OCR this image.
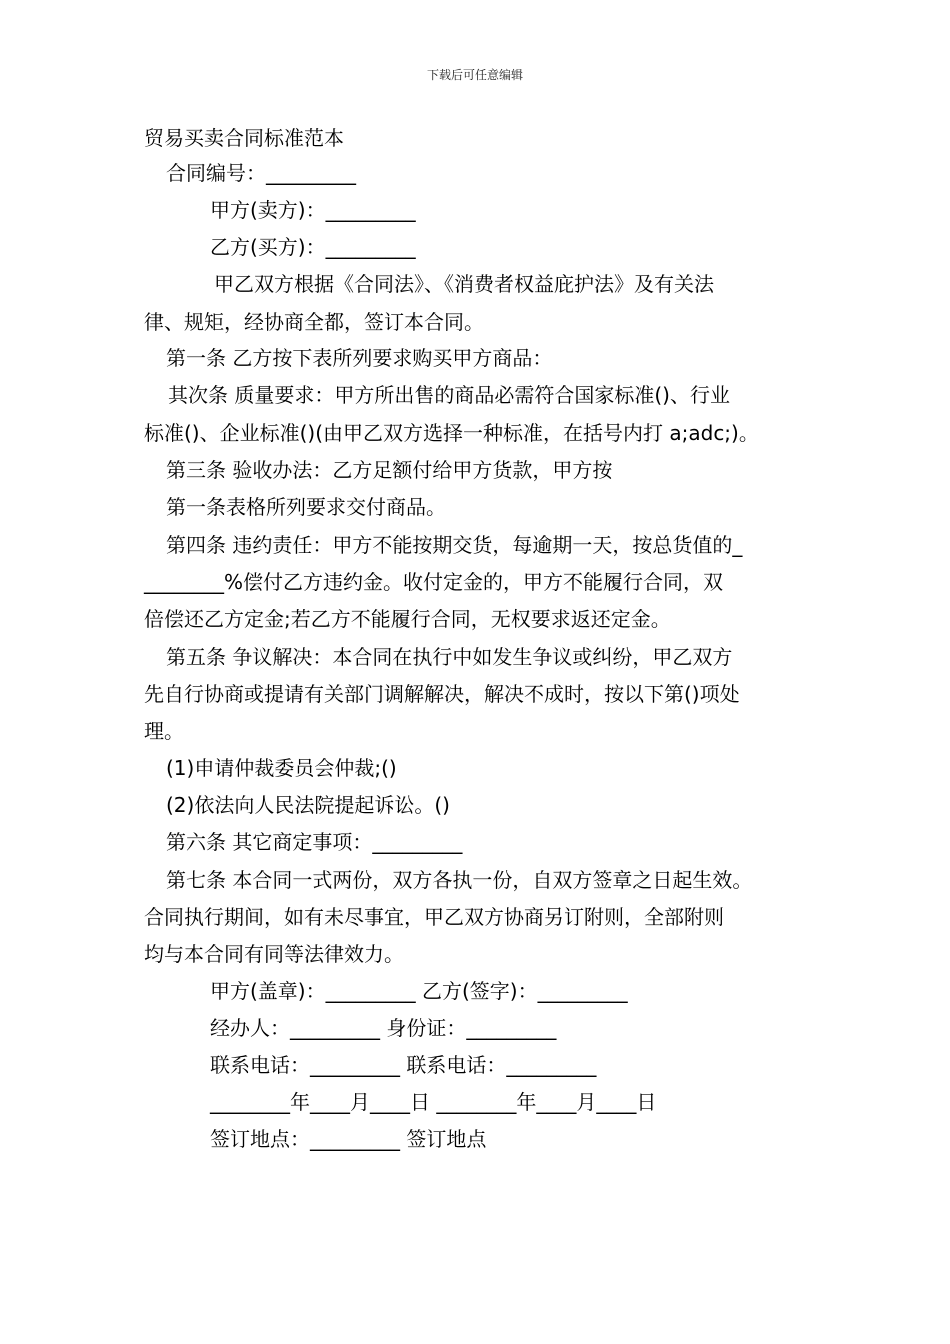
下载后可任意编辑
贸易买卖合同标准范本
合同编号：_________
甲方(卖方)：_________
乙方(买方)：_________
甲乙双方根据《合同法》、《消费者权益庇护法》及有关法
律、规矩，经协商全都，签订本合同。
第一条 乙方按下表所列要求购买甲方商品：
其次条 质量要求：甲方所出售的商品必需符合国家标准()、行业
标准()、企业标准()(由甲乙双方选择一种标准，在括号内打 a;adc;)。
第三条 验收办法：乙方足额付给甲方货款，甲方按
第一条表格所列要求交付商品。
第四条 违约责任：甲方不能按期交货，每逾期一天，按总货值的_
________%偿付乙方违约金。收付定金的，甲方不能履行合同，双
倍偿还乙方定金;若乙方不能履行合同，无权要求返还定金。
第五条 争议解决：本合同在执行中如发生争议或纠纷，甲乙双方
先自行协商或提请有关部门调解解决，解决不成时，按以下第()项处
理。
(1)申请仲裁委员会仲裁;()
(2)依法向人民法院提起诉讼。()
第六条 其它商定事项：_________
第七条 本合同一式两份，双方各执一份，自双方签章之日起生效。
合同执行期间，如有未尽事宜，甲乙双方协商另订附则，全部附则
均与本合同有同等法律效力。
甲方(盖章)：_________ 乙方(签字)：_________
经办人：_________ 身份证：_________
联系电话：_________ 联系电话：_________
________年____月____日 ________年____月____日
签订地点：_________ 签订地点
